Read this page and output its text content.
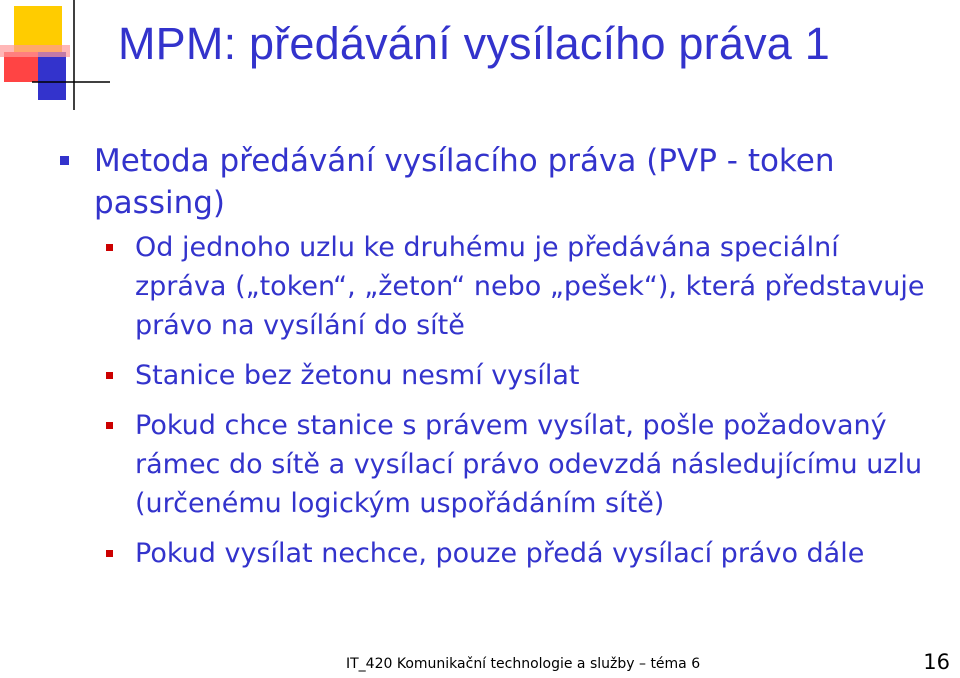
MPM: předávání vysílacího práva 1
Metoda předávání vysílacího práva (PVP - token passing)
Od jednoho uzlu ke druhému je předávána speciální zpráva („token“, „žeton“ nebo „pešek“), která představuje právo na vysílání do sítě
Stanice bez žetonu nesmí vysílat
Pokud chce stanice s právem vysílat, pošle požadovaný rámec do sítě a vysílací právo odevzdá následujícímu uzlu (určenému logickým uspořádáním sítě)
Pokud vysílat nechce, pouze předá vysílací právo dále
IT_420 Komunikační technologie a služby – téma 6	16
